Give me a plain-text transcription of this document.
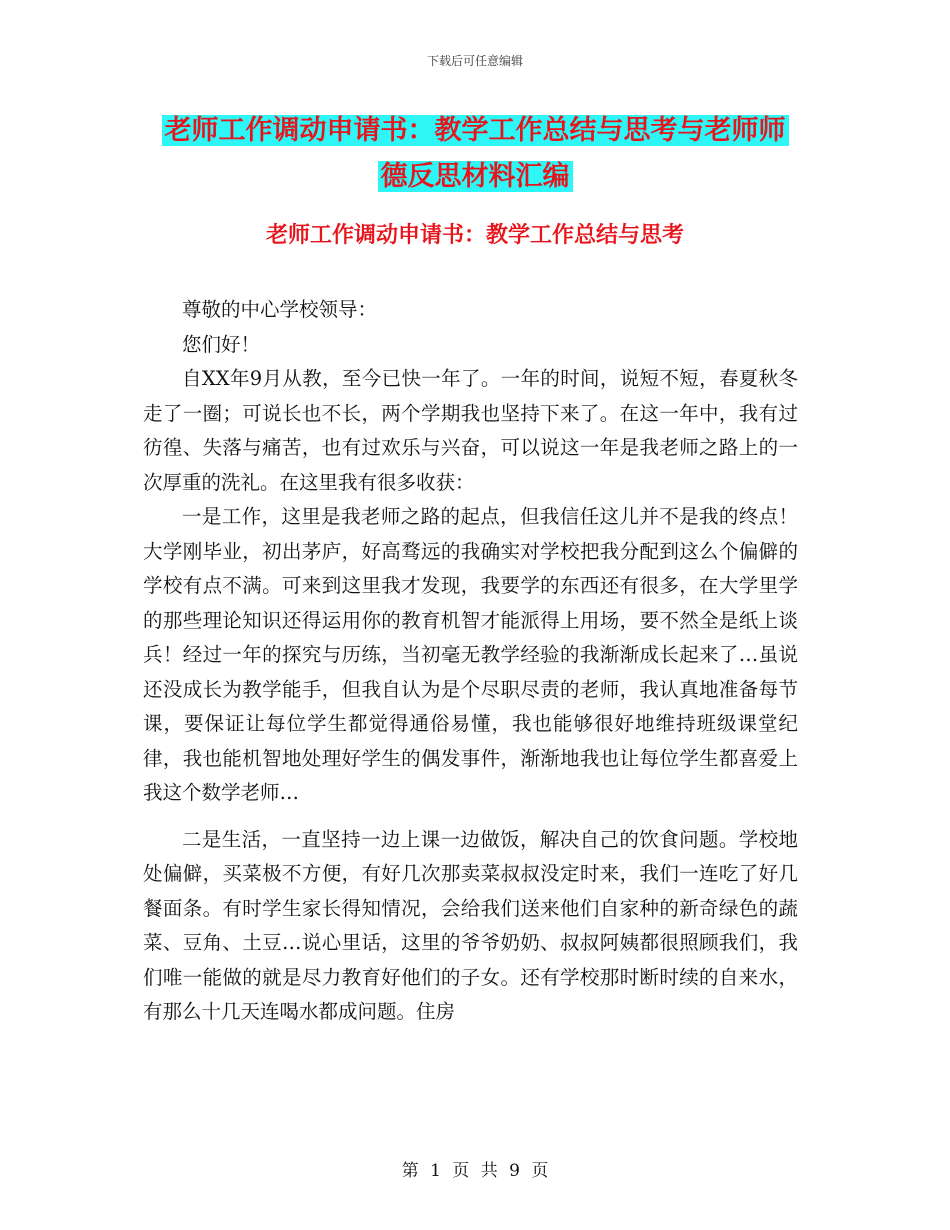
下载后可任意编辑
老师工作调动申请书：教学工作总结与思考与老师师
德反思材料汇编
老师工作调动申请书：教学工作总结与思考

尊敬的中心学校领导：

您们好！

自XX年9月从教，至今已快一年了。一年的时间，说短不短，春夏秋冬走了一圈；可说长也不长，两个学期我也坚持下来了。在这一年中，我有过彷徨、失落与痛苦，也有过欢乐与兴奋，可以说这一年是我老师之路上的一次厚重的洗礼。在这里我有很多收获：

一是工作，这里是我老师之路的起点，但我信任这儿并不是我的终点！大学刚毕业，初出茅庐，好高骛远的我确实对学校把我分配到这么个偏僻的学校有点不满。可来到这里我才发现，我要学的东西还有很多，在大学里学的那些理论知识还得运用你的教育机智才能派得上用场，要不然全是纸上谈兵！经过一年的探究与历练，当初毫无教学经验的我渐渐成长起来了…虽说还没成长为教学能手，但我自认为是个尽职尽责的老师，我认真地准备每节课，要保证让每位学生都觉得通俗易懂，我也能够很好地维持班级课堂纪律，我也能机智地处理好学生的偶发事件，渐渐地我也让每位学生都喜爱上我这个数学老师…

二是生活，一直坚持一边上课一边做饭，解决自己的饮食问题。学校地处偏僻，买菜极不方便，有好几次那卖菜叔叔没定时来，我们一连吃了好几餐面条。有时学生家长得知情况，会给我们送来他们自家种的新奇绿色的蔬菜、豆角、土豆…说心里话，这里的爷爷奶奶、叔叔阿姨都很照顾我们，我们唯一能做的就是尽力教育好他们的子女。还有学校那时断时续的自来水，有那么十几天连喝水都成问题。住房

第 1 页 共 9 页
